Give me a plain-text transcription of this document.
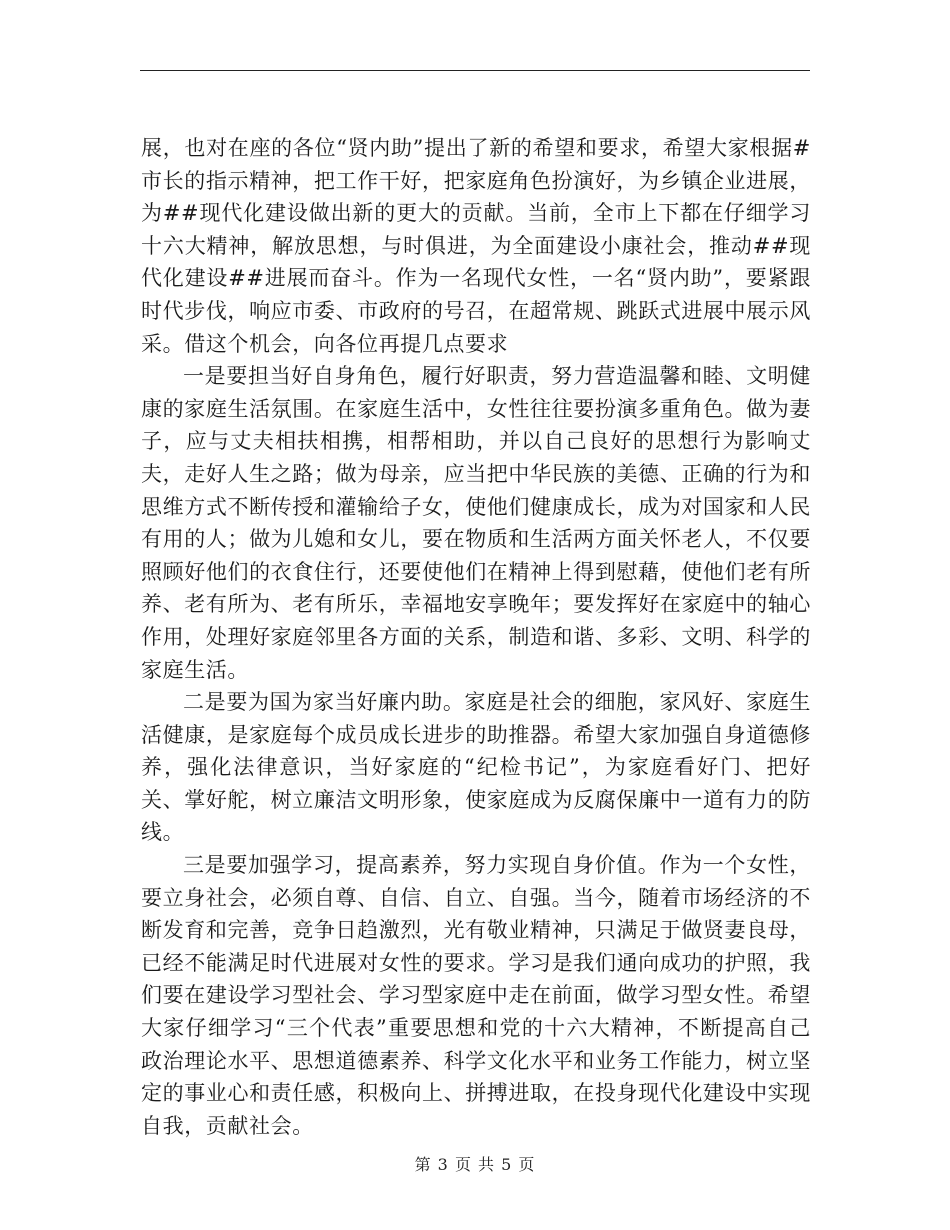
展，也对在座的各位“贤内助”提出了新的希望和要求，希望大家根据#市长的指示精神，把工作干好，把家庭角色扮演好，为乡镇企业进展，为##现代化建设做出新的更大的贡献。当前，全市上下都在仔细学习十六大精神，解放思想，与时俱进，为全面建设小康社会，推动##现代化建设##进展而奋斗。作为一名现代女性，一名“贤内助”，要紧跟时代步伐，响应市委、市政府的号召，在超常规、跳跃式进展中展示风采。借这个机会，向各位再提几点要求

一是要担当好自身角色，履行好职责，努力营造温馨和睦、文明健康的家庭生活氛围。在家庭生活中，女性往往要扮演多重角色。做为妻子，应与丈夫相扶相携，相帮相助，并以自己良好的思想行为影响丈夫，走好人生之路；做为母亲，应当把中华民族的美德、正确的行为和思维方式不断传授和灌输给子女，使他们健康成长，成为对国家和人民有用的人；做为儿媳和女儿，要在物质和生活两方面关怀老人，不仅要照顾好他们的衣食住行，还要使他们在精神上得到慰藉，使他们老有所养、老有所为、老有所乐，幸福地安享晚年；要发挥好在家庭中的轴心作用，处理好家庭邻里各方面的关系，制造和谐、多彩、文明、科学的家庭生活。

二是要为国为家当好廉内助。家庭是社会的细胞，家风好、家庭生活健康，是家庭每个成员成长进步的助推器。希望大家加强自身道德修养，强化法律意识，当好家庭的“纪检书记”，为家庭看好门、把好关、掌好舵，树立廉洁文明形象，使家庭成为反腐保廉中一道有力的防线。

三是要加强学习，提高素养，努力实现自身价值。作为一个女性，要立身社会，必须自尊、自信、自立、自强。当今，随着市场经济的不断发育和完善，竞争日趋激烈，光有敬业精神，只满足于做贤妻良母，已经不能满足时代进展对女性的要求。学习是我们通向成功的护照，我们要在建设学习型社会、学习型家庭中走在前面，做学习型女性。希望大家仔细学习“三个代表”重要思想和党的十六大精神，不断提高自己政治理论水平、思想道德素养、科学文化水平和业务工作能力，树立坚定的事业心和责任感，积极向上、拼搏进取，在投身现代化建设中实现自我，贡献社会。

第 3 页 共 5 页
